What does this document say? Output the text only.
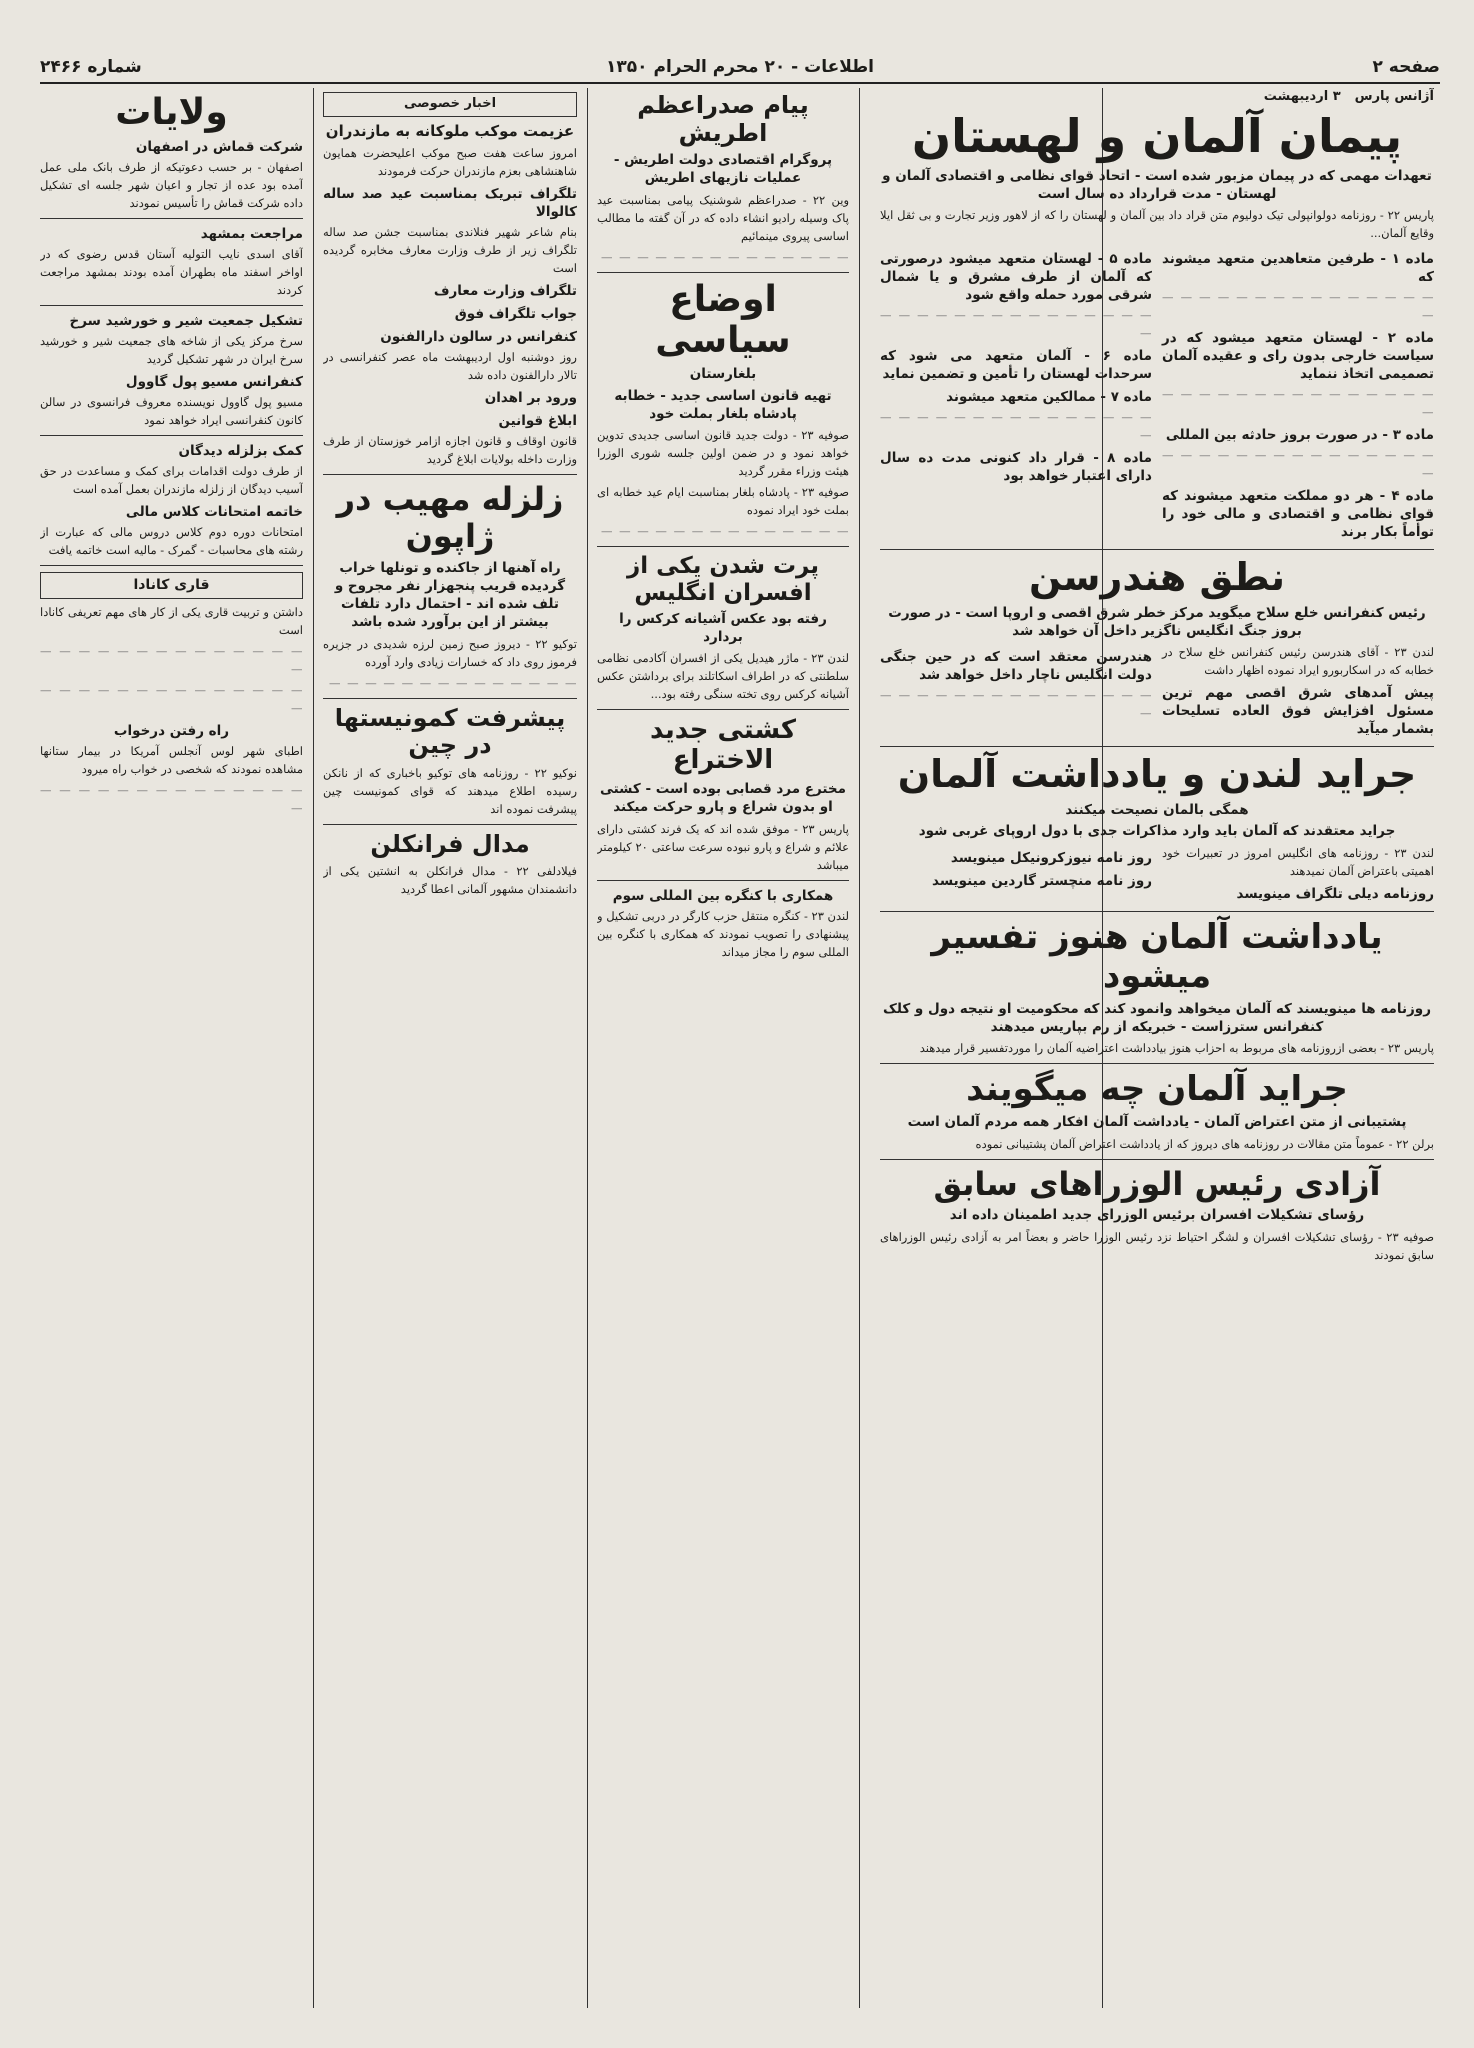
صفحه ۲
اطلاعات - ۲۰ محرم الحرام ۱۳۵۰
شماره ۲۴۶۶
آژانس پارس
۳ اردیبهشت
پیمان آلمان و لهستان
تعهدات مهمی که در پیمان مزبور شده است - اتحاد قوای نظامی و اقتصادی آلمان و لهستان - مدت قرارداد ده سال است

پاریس ۲۲ - روزنامه دولوانپولی تیک دولیوم متن قراد داد بین آلمان و لهستان را که از لاهور وزیر تجارت و بی ثقل ایلا وقایع آلمان...

ماده ۱ - طرفین متعاهدین متعهد میشوند که

— — — — — — — — — — — — — — — —

ماده ۲ - لهستان متعهد میشود که در سیاست خارجی بدون رای و عقیده آلمان تصمیمی اتخاذ ننماید

— — — — — — — — — — — — — — — —

ماده ۳ - در صورت بروز حادثه بین المللی

— — — — — — — — — — — — — — — —

ماده ۴ - هر دو مملکت متعهد میشوند که قوای نظامی و اقتصادی و مالی خود را توأماً بکار برند
ماده ۵ - لهستان متعهد میشود درصورتی که آلمان از طرف مشرق و یا شمال شرقی مورد حمله واقع شود

— — — — — — — — — — — — — — — —

ماده ۶ - آلمان متعهد می شود که سرحدات لهستان را تأمین و تضمین نماید
ماده ۷ - ممالکین متعهد میشوند

— — — — — — — — — — — — — — — —

ماده ۸ - قرار داد کنونی مدت ده سال دارای اعتبار خواهد بود
نطق هندرسن
رئیس کنفرانس خلع سلاح میگوید مرکز خطر شرق اقصی و اروپا است - در صورت بروز جنگ انگلیس ناگزیر داخل آن خواهد شد

لندن ۲۳ - آقای هندرسن رئیس کنفرانس خلع سلاح در خطابه که در اسکاربورو ایراد نموده اظهار داشت

پیش آمدهای شرق اقصی مهم ترین مسئول افزایش فوق العاده تسلیحات بشمار میآید
هندرسن معتقد است که در حین جنگی دولت انگلیس ناچار داخل خواهد شد

— — — — — — — — — — — — — — — —

جراید لندن و یادداشت آلمان
همگی بالمان نصیحت میکنند
جراید معتقدند که آلمان باید وارد مذاکرات جدی با دول اروپای غربی شود

لندن ۲۳ - روزنامه های انگلیس امروز در تعبیرات خود اهمیتی باعتراض آلمان نمیدهند

روزنامه دیلی تلگراف مینویسد
روز نامه نیوزکرونیکل مینویسد
روز نامه منچستر گاردین مینویسد
یادداشت آلمان هنوز تفسیر میشود
روزنامه ها مینویسند که آلمان میخواهد وانمود کند که محکومیت او نتیجه دول و کلک کنفرانس سترزاست - خبریکه از رم بپاریس میدهند

پاریس ۲۳ - بعضی ازروزنامه های مربوط به احزاب هنوز بیادداشت اعتراضیه آلمان را موردتفسیر قرار میدهند

جراید آلمان چه میگویند
پشتیبانی از متن اعتراض آلمان - یادداشت آلمان افکار همه مردم آلمان است

برلن ۲۲ - عموماً متن مقالات در روزنامه های دیروز که از یادداشت اعتراض آلمان پشتیبانی نموده

آزادی رئیس الوزراهای سابق
رؤسای تشکیلات افسران برئیس الوزرای جدید اطمینان داده اند

صوفیه ۲۳ - رؤسای تشکیلات افسران و لشگر احتیاط نزد رئیس الوزرا حاضر و بعضاً امر به آزادی رئیس الوزراهای سابق نمودند

پیام صدراعظم اطریش
پروگرام اقتصادی دولت اطریش - عملیات نازیهای اطریش

وین ۲۲ - صدراعظم شوشنیک پیامی بمناسبت عید پاک وسیله رادیو انشاء داده که در آن گفته ما مطالب اساسی پیروی مینمائیم

— — — — — — — — — — — — — —

اوضاع سیاسی
بلغارستان
تهیه قانون اساسی جدید - خطابه پادشاه بلغار بملت خود

صوفیه ۲۳ - دولت جدید قانون اساسی جدیدی تدوین خواهد نمود و در ضمن اولین جلسه شوری الوزرا هیئت وزراء مقرر گردید

صوفیه ۲۳ - پادشاه بلغار بمناسبت ایام عید خطابه ای بملت خود ایراد نموده

— — — — — — — — — — — — — —

پرت شدن یکی از افسران انگلیس
رفته بود عکس آشیانه کرکس را بردارد

لندن ۲۳ - ماژر هیدیل یکی از افسران آکادمی نظامی سلطنتی که در اطراف اسکاتلند برای برداشتن عکس آشیانه کرکس روی تخته سنگی رفته بود...

کشتی جدید الاختراع
مخترع مرد قصابی بوده است - کشتی او بدون شراع و پارو حرکت میکند

پاریس ۲۳ - موفق شده اند که یک فرند کشتی دارای علائم و شراع و پارو نبوده سرعت ساعتی ۲۰ کیلومتر میباشد

همکاری با کنگره بین المللی سوم

لندن ۲۳ - کنگره منتقل حزب کارگر در دربی تشکیل و پیشنهادی را تصویب نمودند که همکاری با کنگره بین المللی سوم را مجاز میداند

اخبار خصوصی
عزیمت موکب ملوکانه به مازندران

امروز ساعت هفت صبح موکب اعلیحضرت همایون شاهنشاهی بعزم مازندران حرکت فرمودند

تلگراف تبریک بمناسبت عید صد ساله کالوالا

بنام شاعر شهیر فنلاندی بمناسبت جشن صد ساله تلگراف زیر از طرف وزارت معارف مخابره گردیده است

تلگراف وزارت معارف
جواب تلگراف فوق
کنفرانس در سالون دارالفنون

روز دوشنبه اول اردیبهشت ماه عصر کنفرانسی در تالار دارالفنون داده شد

ورود بر اهدان
ابلاغ قوانین

قانون اوقاف و قانون اجازه ازامر خوزستان از طرف وزارت داخله بولایات ابلاغ گردید

زلزله مهیب در ژاپون
راه آهنها از جاکنده و تونلها خراب گردیده قریب پنجهزار نفر مجروح و تلف شده اند - احتمال دارد تلفات بیشتر از این برآورد شده باشد

توکیو ۲۲ - دیروز صبح زمین لرزه شدیدی در جزیره فرموز روی داد که خسارات زیادی وارد آورده

— — — — — — — — — — — — — —

پیشرفت کمونیستها در چین

نوکیو ۲۲ - روزنامه های توکیو باخباری که از نانکن رسیده اطلاع میدهند که قوای کمونیست چین پیشرفت نموده اند

مدال فرانکلن

فیلادلفی ۲۲ - مدال فرانکلن به انشتین یکی از دانشمندان مشهور آلمانی اعطا گردید

ولایات
شرکت قماش در اصفهان

اصفهان - بر حسب دعوتیکه از طرف بانک ملی عمل آمده بود عده از تجار و اعیان شهر جلسه ای تشکیل داده شرکت قماش را تأسیس نمودند

مراجعت بمشهد

آقای اسدی نایب التولیه آستان قدس رضوی که در اواخر اسفند ماه بطهران آمده بودند بمشهد مراجعت کردند

تشکیل جمعیت شیر و خورشید سرخ

سرخ مرکز یکی از شاخه های جمعیت شیر و خورشید سرخ ایران در شهر تشکیل گردید

کنفرانس مسیو پول گاوول

مسیو پول گاوول نویسنده معروف فرانسوی در سالن کانون کنفرانسی ایراد خواهد نمود

کمک بزلزله دیدگان

از طرف دولت اقدامات برای کمک و مساعدت در حق آسیب دیدگان از زلزله مازندران بعمل آمده است

خاتمه امتحانات کلاس مالی

امتحانات دوره دوم کلاس دروس مالی که عبارت از رشته های محاسبات - گمرک - مالیه است خاتمه یافت

قاری کانادا

داشتن و تربیت قاری یکی از کار های مهم تعریفی کانادا است

— — — — — — — — — — — — — — —

— — — — — — — — — — — — — — —

راه رفتن درخواب

اطبای شهر لوس آنجلس آمریکا در بیمار ستانها مشاهده نمودند که شخصی در خواب راه میرود

— — — — — — — — — — — — — — —
